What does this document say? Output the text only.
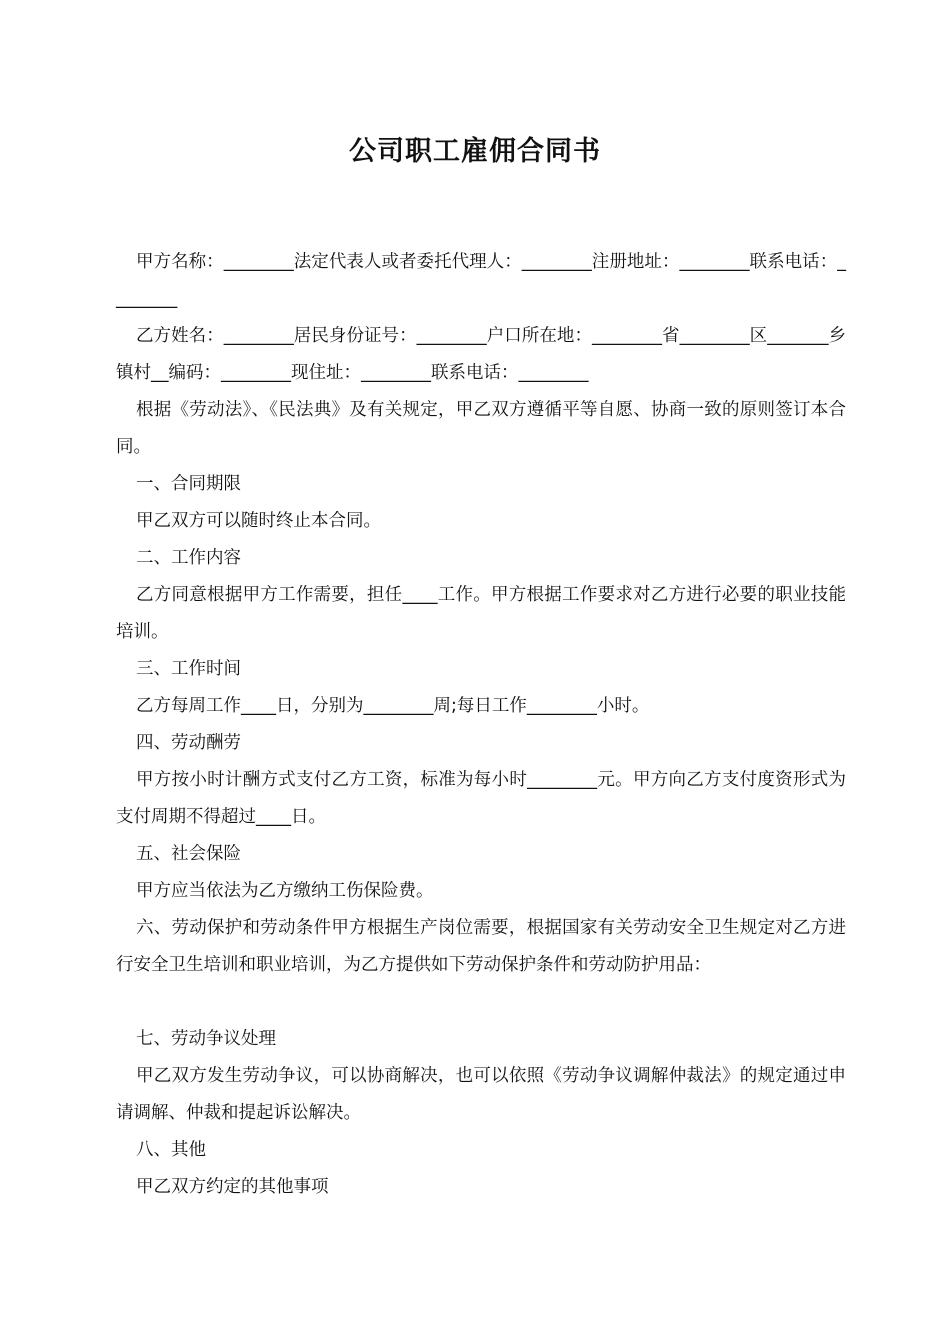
公司职工雇佣合同书

甲方名称：________法定代表人或者委托代理人：________注册地址：________联系电话：________

乙方姓名：________居民身份证号：________户口所在地：________省________区_______乡镇村__编码：________现住址：________联系电话：________

根据《劳动法》、《民法典》及有关规定，甲乙双方遵循平等自愿、协商一致的原则签订本合同。

一、合同期限

甲乙双方可以随时终止本合同。

二、工作内容

乙方同意根据甲方工作需要，担任____工作。甲方根据工作要求对乙方进行必要的职业技能培训。

三、工作时间

乙方每周工作____日，分别为________周;每日工作________小时。

四、劳动酬劳

甲方按小时计酬方式支付乙方工资，标准为每小时________元。甲方向乙方支付度资形式为支付周期不得超过____日。

五、社会保险

甲方应当依法为乙方缴纳工伤保险费。

六、劳动保护和劳动条件甲方根据生产岗位需要，根据国家有关劳动安全卫生规定对乙方进行安全卫生培训和职业培训，为乙方提供如下劳动保护条件和劳动防护用品：

七、劳动争议处理

甲乙双方发生劳动争议，可以协商解决，也可以依照《劳动争议调解仲裁法》的规定通过申请调解、仲裁和提起诉讼解决。

八、其他

甲乙双方约定的其他事项
